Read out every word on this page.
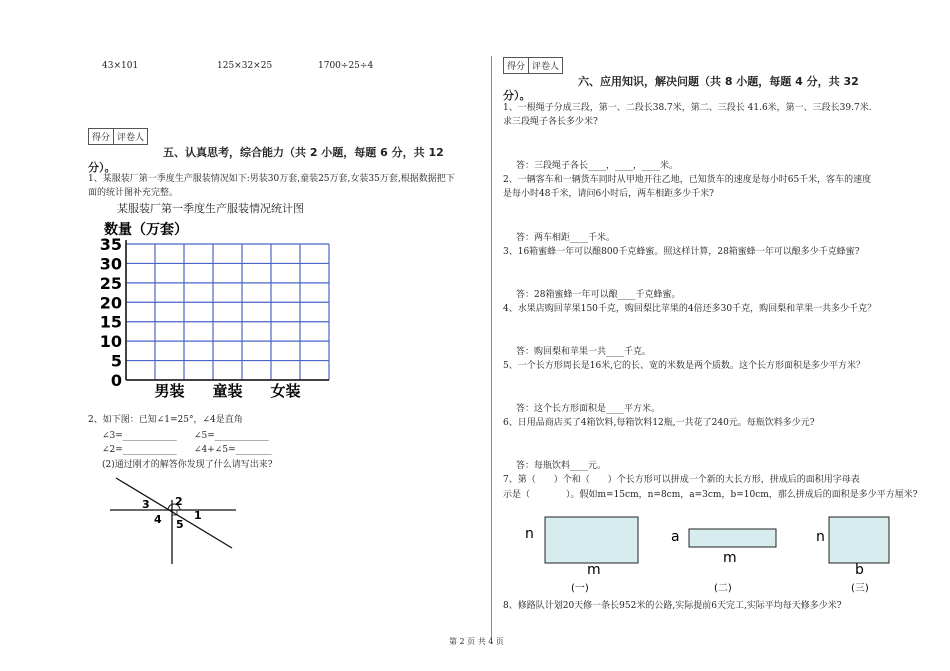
43×101	125×32×25	1700÷25÷4
得分 评卷人
五、认真思考，综合能力（共 2 小题，每题 6 分，共 12
分）。
1、某服装厂第一季度生产服装情况如下:男装30万套,童装25万套,女装35万套,根据数据把下
面的统计图补充完整。
某服装厂第一季度生产服装情况统计图
数量（万套）
0
5
10
15
20
25
30
35
男装 童装 女装
2、如下图：已知∠1=25°，∠4是直角
∠3=____________ ∠5=____________
∠2=____________ ∠4+∠5=________
(2)通过刚才的解答你发现了什么请写出来?
3 2
4 5
1
得分 评卷人
六、应用知识，解决问题（共 8 小题，每题 4 分，共 32
分）。
1、一根绳子分成三段，第一、二段长38.7米，第二、三段长 41.6米，第一、三段长39.7米.
求三段绳子各长多少米?
答：三段绳子各长____，____，____米。
2、一辆客车和一辆货车同时从甲地开往乙地，已知货车的速度是每小时65千米，客车的速度
是每小时48千米，请问6小时后，两车相距多少千米?
答：两车相距____千米。
3、16箱蜜蜂一年可以酿800千克蜂蜜。照这样计算，28箱蜜蜂一年可以酿多少千克蜂蜜?
答：28箱蜜蜂一年可以酿____千克蜂蜜。
4、水果店购回苹果150千克，购回梨比苹果的4倍还多30千克，购回梨和苹果一共多少千克？
答：购回梨和苹果一共____千克。
5、一个长方形周长是16米,它的长、宽的米数是两个质数。这个长方形面积是多少平方米？
答：这个长方形面积是____平方米。
6、日用品商店买了4箱饮料,每箱饮料12瓶,一共花了240元。每瓶饮料多少元?
答：每瓶饮料____元。
7、第（　　）个和（　　）个长方形可以拼成一个新的大长方形，拼成后的面积用字母表
示是（　　　　）。假如m=15cm，n=8cm，a=3cm，b=10cm，那么拼成后的面积是多少平方厘米?
n
m
(一)
a
m
(二)
n
b
(三)
8、修路队计划20天修一条长952米的公路,实际提前6天完工,实际平均每天修多少米?
第 2 页 共 4 页
